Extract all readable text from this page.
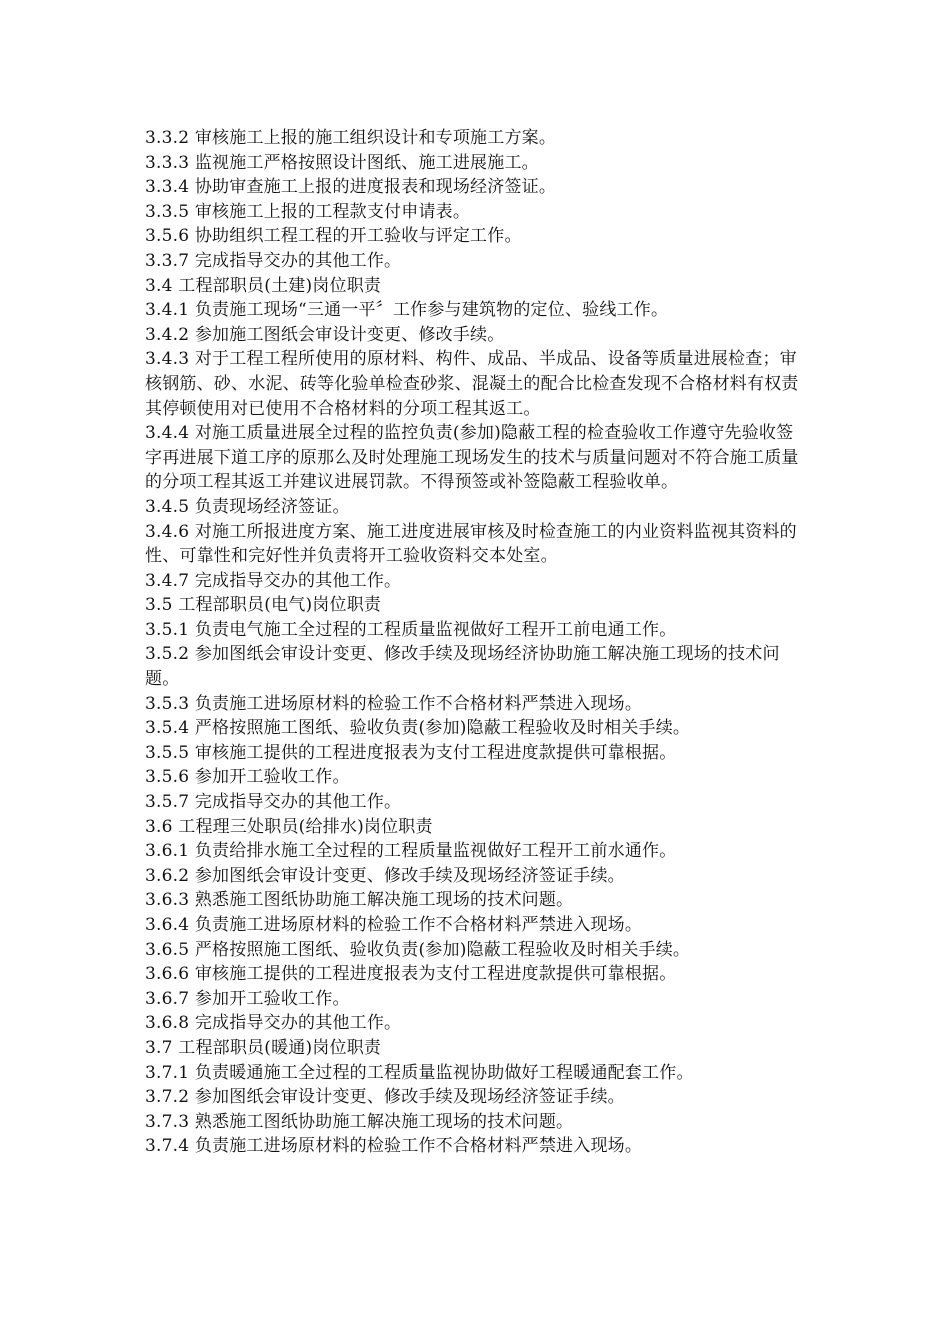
3.3.2 审核施工上报的施工组织设计和专项施工方案。

3.3.3 监视施工严格按照设计图纸、施工进展施工。

3.3.4 协助审查施工上报的进度报表和现场经济签证。

3.3.5 审核施工上报的工程款支付申请表。

3.5.6 协助组织工程工程的开工验收与评定工作。

3.3.7 完成指导交办的其他工作。

3.4 工程部职员(土建)岗位职责

3.4.1 负责施工现场“三通一平〞工作参与建筑物的定位、验线工作。

3.4.2 参加施工图纸会审设计变更、修改手续。

3.4.3 对于工程工程所使用的原材料、构件、成品、半成品、设备等质量进展检查；审核钢筋、砂、水泥、砖等化验单检查砂浆、混凝土的配合比检查发现不合格材料有权责其停顿使用对已使用不合格材料的分项工程其返工。

3.4.4 对施工质量进展全过程的监控负责(参加)隐蔽工程的检查验收工作遵守先验收签字再进展下道工序的原那么及时处理施工现场发生的技术与质量问题对不符合施工质量的分项工程其返工并建议进展罚款。不得预签或补签隐蔽工程验收单。

3.4.5 负责现场经济签证。

3.4.6 对施工所报进度方案、施工进度进展审核及时检查施工的内业资料监视其资料的性、可靠性和完好性并负责将开工验收资料交本处室。

3.4.7 完成指导交办的其他工作。

3.5 工程部职员(电气)岗位职责

3.5.1 负责电气施工全过程的工程质量监视做好工程开工前电通工作。

3.5.2 参加图纸会审设计变更、修改手续及现场经济协助施工解决施工现场的技术问题。

3.5.3 负责施工进场原材料的检验工作不合格材料严禁进入现场。

3.5.4 严格按照施工图纸、验收负责(参加)隐蔽工程验收及时相关手续。

3.5.5 审核施工提供的工程进度报表为支付工程进度款提供可靠根据。

3.5.6 参加开工验收工作。

3.5.7 完成指导交办的其他工作。

3.6 工程理三处职员(给排水)岗位职责

3.6.1 负责给排水施工全过程的工程质量监视做好工程开工前水通作。

3.6.2 参加图纸会审设计变更、修改手续及现场经济签证手续。

3.6.3 熟悉施工图纸协助施工解决施工现场的技术问题。

3.6.4 负责施工进场原材料的检验工作不合格材料严禁进入现场。

3.6.5 严格按照施工图纸、验收负责(参加)隐蔽工程验收及时相关手续。

3.6.6 审核施工提供的工程进度报表为支付工程进度款提供可靠根据。

3.6.7 参加开工验收工作。

3.6.8 完成指导交办的其他工作。

3.7 工程部职员(暖通)岗位职责

3.7.1 负责暖通施工全过程的工程质量监视协助做好工程暖通配套工作。

3.7.2 参加图纸会审设计变更、修改手续及现场经济签证手续。

3.7.3 熟悉施工图纸协助施工解决施工现场的技术问题。

3.7.4 负责施工进场原材料的检验工作不合格材料严禁进入现场。
